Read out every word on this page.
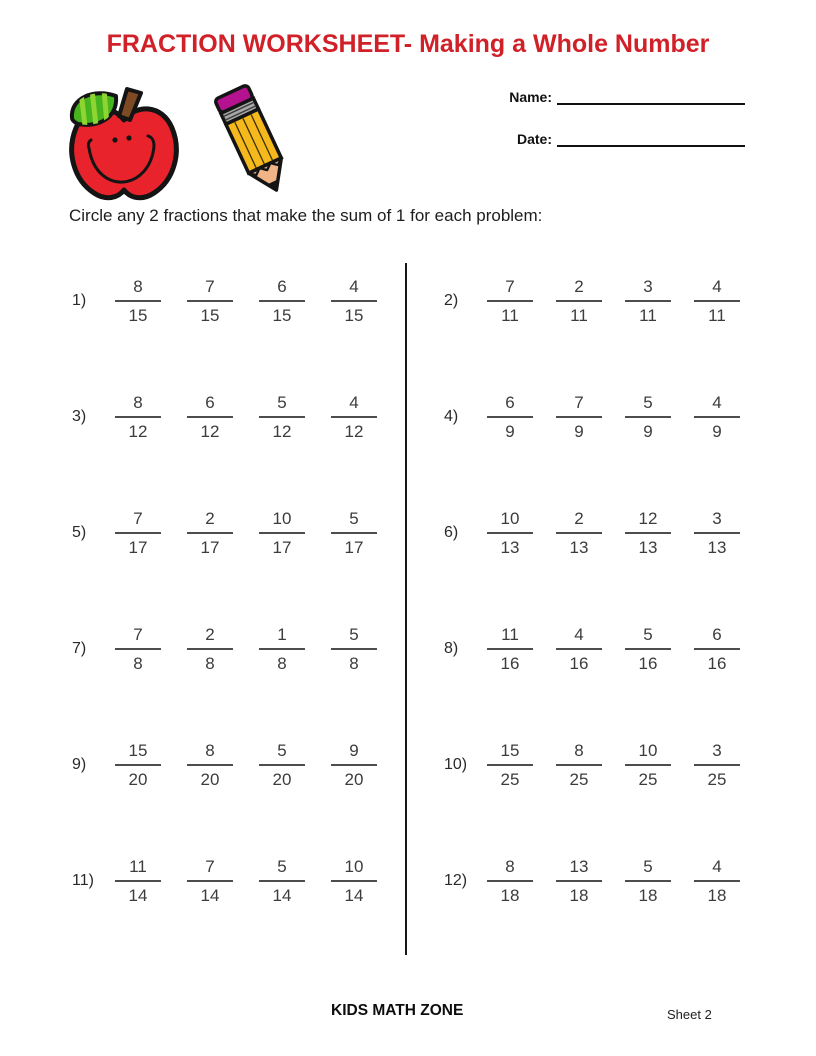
FRACTION WORKSHEET- Making a Whole Number
Name:
Date:

Circle any 2 fractions that make the sum of 1 for each problem:

1)	$\frac{8}{15} \frac{7}{15} \frac{6}{15} \frac{4}{15}$
3)	$\frac{8}{12} \frac{6}{12} \frac{5}{12} \frac{4}{12}$
5)	$\frac{7}{17} \frac{2}{17} \frac{10}{17} \frac{5}{17}$
7)	$\frac{7}{8} \frac{2}{8} \frac{1}{8} \frac{5}{8}$
9)	$\frac{15}{20} \frac{8}{20} \frac{5}{20} \frac{9}{20}$
11)	$\frac{11}{14} \frac{7}{14} \frac{5}{14} \frac{10}{14}$
2)	$\frac{7}{11} \frac{2}{11} \frac{3}{11} \frac{4}{11}$
4)	$\frac{6}{9} \frac{7}{9} \frac{5}{9} \frac{4}{9}$
6)	$\frac{10}{13} \frac{2}{13} \frac{12}{13} \frac{3}{13}$
8)	$\frac{11}{16} \frac{4}{16} \frac{5}{16} \frac{6}{16}$
10)	$\frac{15}{25} \frac{8}{25} \frac{10}{25} \frac{3}{25}$
12)	$\frac{8}{18} \frac{13}{18} \frac{5}{18} \frac{4}{18}$
KIDS MATH ZONE	Sheet 2
